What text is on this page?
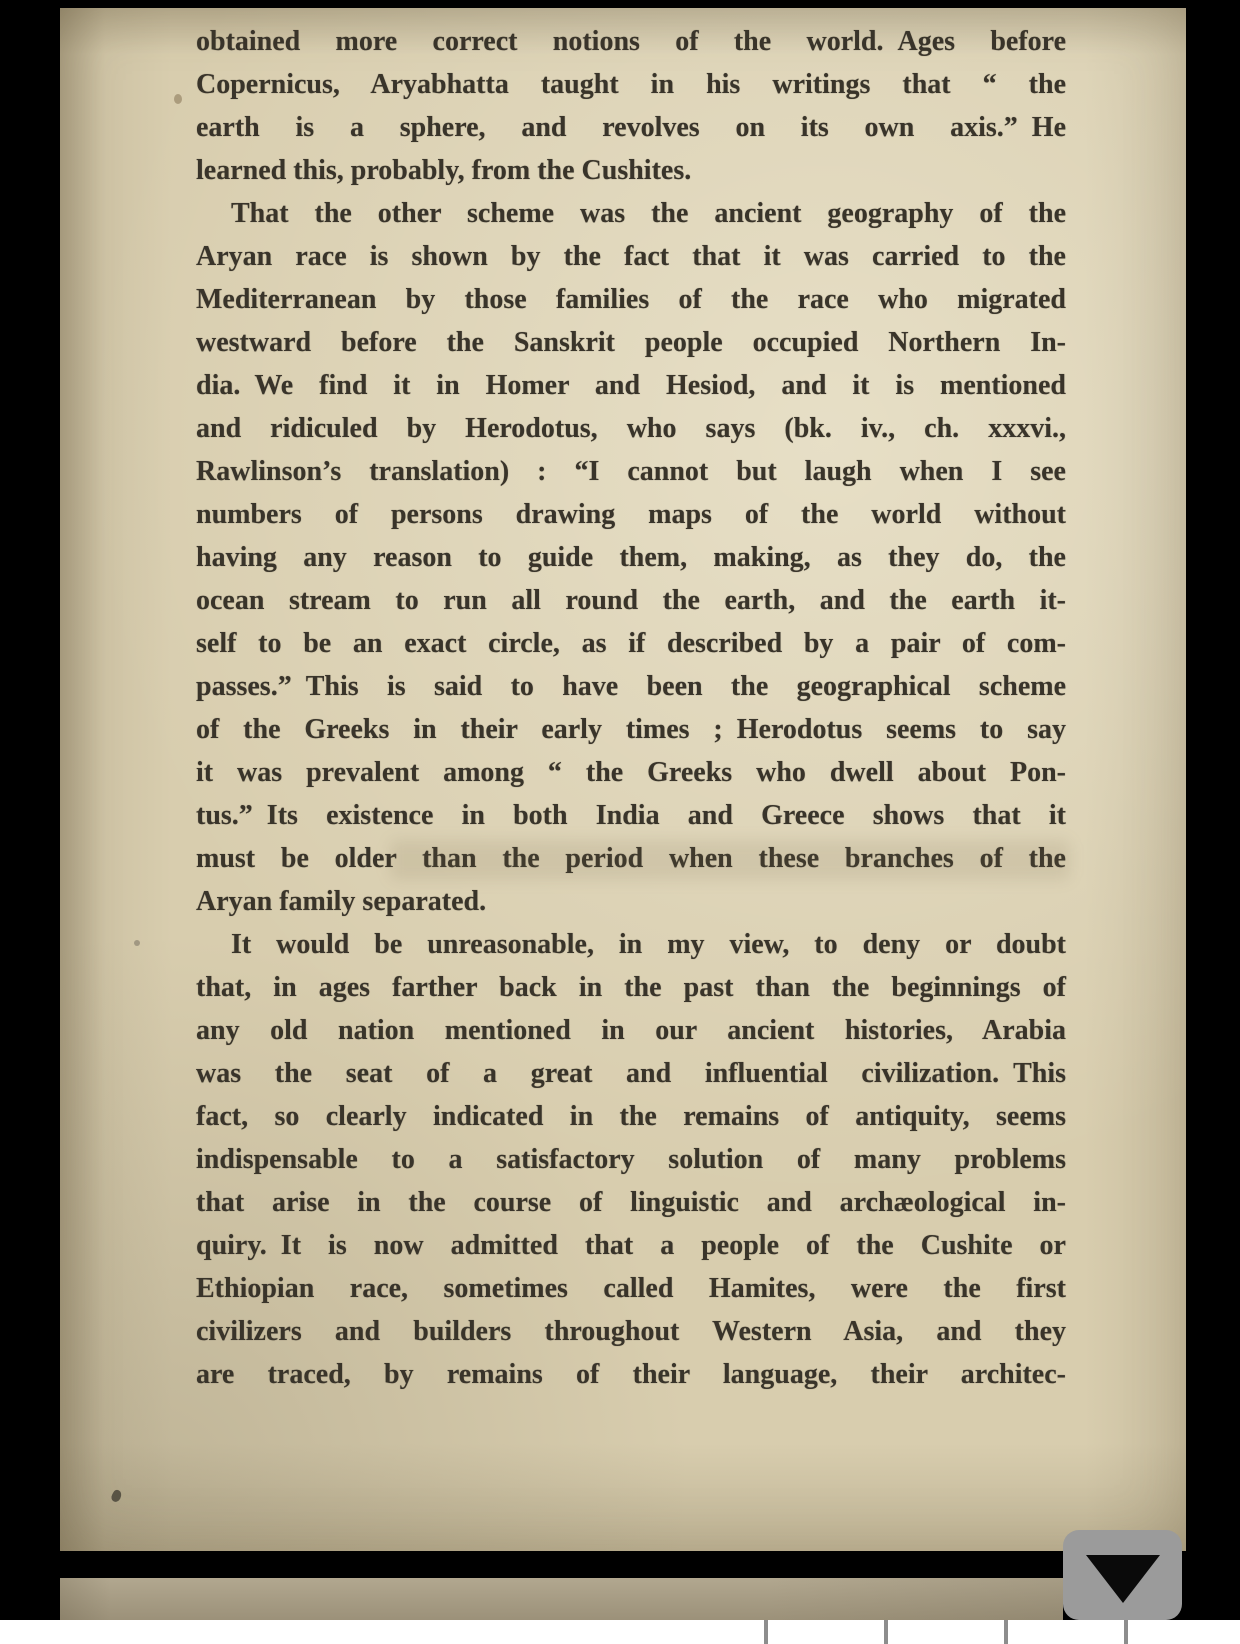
obtained more correct notions of the world. Ages before
Copernicus, Aryabhatta taught in his writings that “ the
earth is a sphere, and revolves on its own axis.” He
learned this, probably, from the Cushites.
That the other scheme was the ancient geography of the
Aryan race is shown by the fact that it was carried to the
Mediterranean by those families of the race who migrated
westward before the Sanskrit people occupied Northern In-
dia. We find it in Homer and Hesiod, and it is mentioned
and ridiculed by Herodotus, who says (bk. iv., ch. xxxvi.,
Rawlinson’s translation) : “I cannot but laugh when I see
numbers of persons drawing maps of the world without
having any reason to guide them, making, as they do, the
ocean stream to run all round the earth, and the earth it-
self to be an exact circle, as if described by a pair of com-
passes.” This is said to have been the geographical scheme
of the Greeks in their early times ; Herodotus seems to say
it was prevalent among “ the Greeks who dwell about Pon-
tus.” Its existence in both India and Greece shows that it
must be older than the period when these branches of the
Aryan family separated.
It would be unreasonable, in my view, to deny or doubt
that, in ages farther back in the past than the beginnings of
any old nation mentioned in our ancient histories, Arabia
was the seat of a great and influential civilization. This
fact, so clearly indicated in the remains of antiquity, seems
indispensable to a satisfactory solution of many problems
that arise in the course of linguistic and archæological in-
quiry. It is now admitted that a people of the Cushite or
Ethiopian race, sometimes called Hamites, were the first
civilizers and builders throughout Western Asia, and they
are traced, by remains of their language, their architec-
